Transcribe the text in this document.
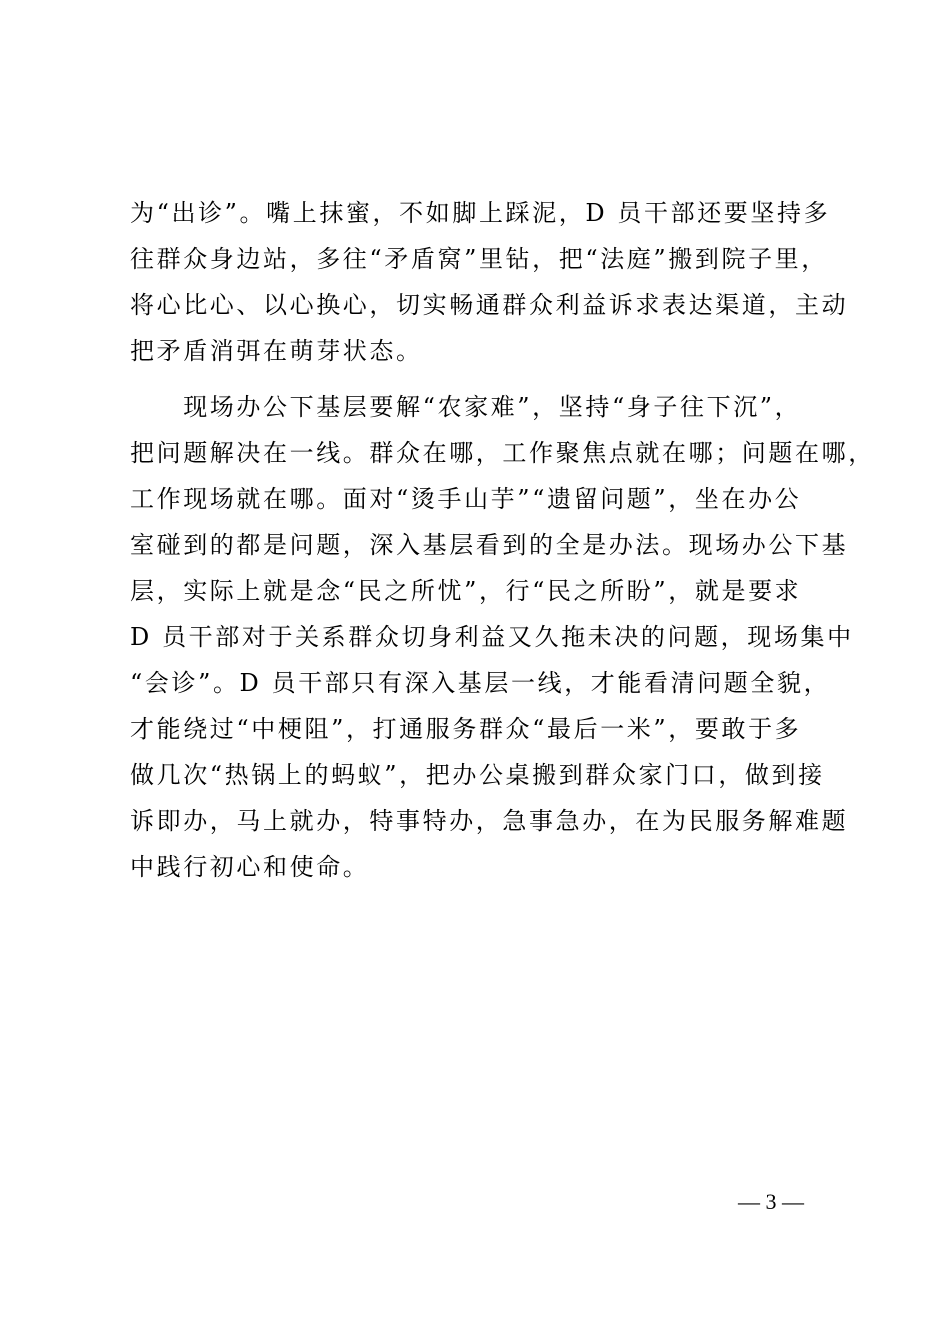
为“出诊”。嘴上抹蜜，不如脚上踩泥，D 员干部还要坚持多
往群众身边站，多往“矛盾窝”里钻，把“法庭”搬到院子里，
将心比心、以心换心，切实畅通群众利益诉求表达渠道，主动
把矛盾消弭在萌芽状态。
　　现场办公下基层要解“农家难”，坚持“身子往下沉”，
把问题解决在一线。群众在哪，工作聚焦点就在哪；问题在哪，
工作现场就在哪。面对“烫手山芋”“遗留问题”，坐在办公
室碰到的都是问题，深入基层看到的全是办法。现场办公下基
层，实际上就是念“民之所忧”，行“民之所盼”，就是要求
D 员干部对于关系群众切身利益又久拖未决的问题，现场集中
“会诊”。D 员干部只有深入基层一线，才能看清问题全貌，
才能绕过“中梗阻”，打通服务群众“最后一米”，要敢于多
做几次“热锅上的蚂蚁”，把办公桌搬到群众家门口，做到接
诉即办，马上就办，特事特办，急事急办，在为民服务解难题
中践行初心和使命。
— 3 —
